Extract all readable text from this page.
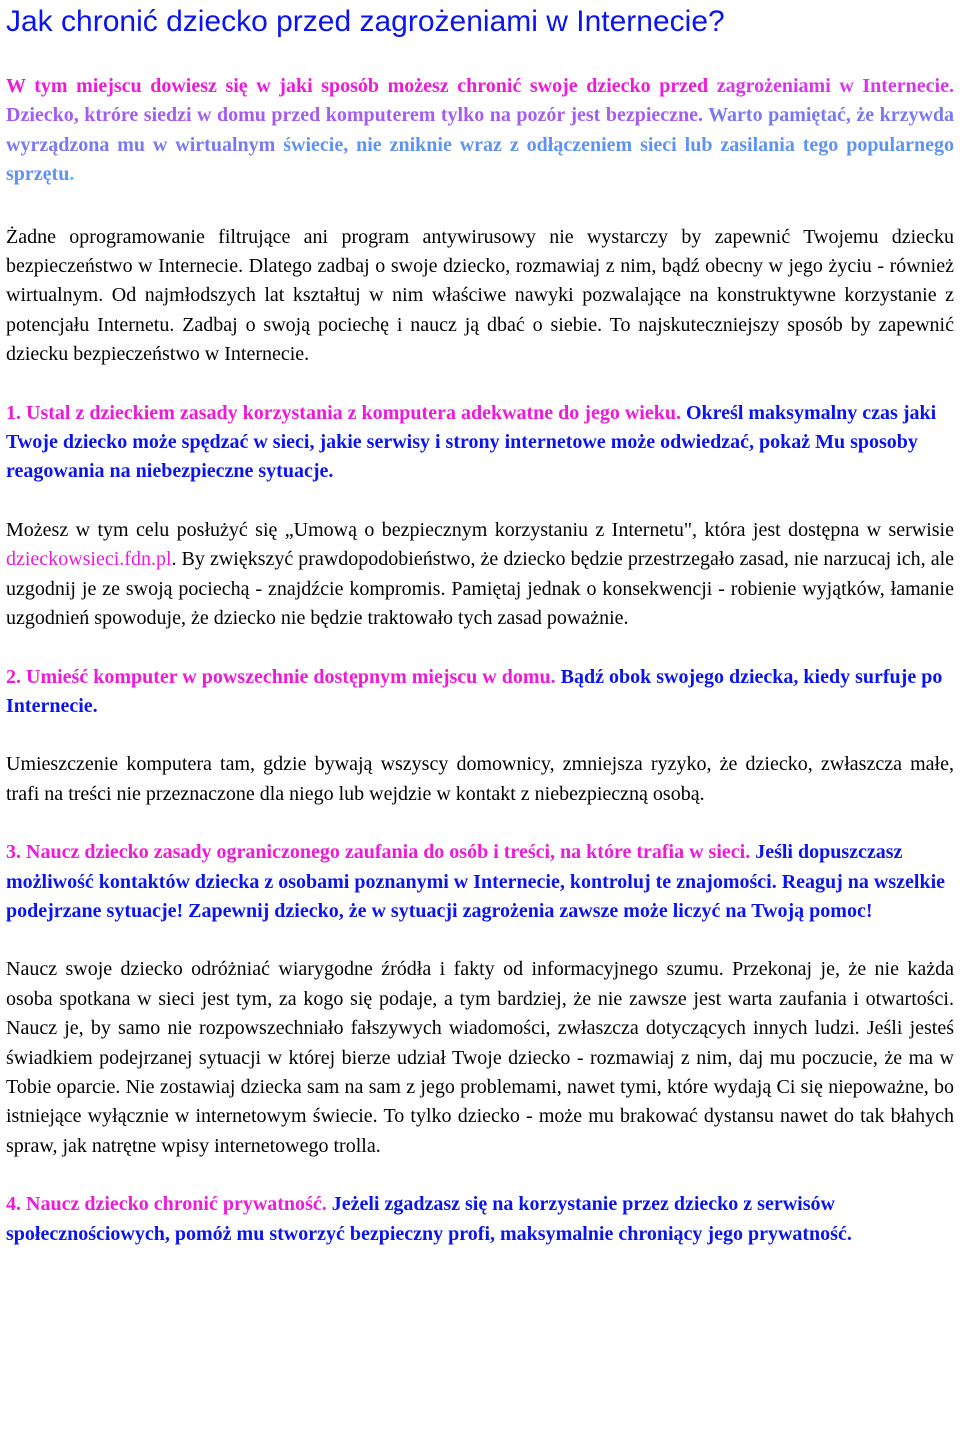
Jak chronić dziecko przed zagrożeniami w Internecie?

W tym miejscu dowiesz się w jaki sposób możesz chronić swoje dziecko przed zagrożeniami w Internecie. Dziecko, ktróre siedzi w domu przed komputerem tylko na pozór jest bezpieczne. Warto pamiętać, że krzywda wyrządzona mu w wirtualnym świecie, nie zniknie wraz z odłączeniem sieci lub zasilania tego popularnego sprzętu.

Żadne oprogramowanie filtrujące ani program antywirusowy nie wystarczy by zapewnić Twojemu dziecku bezpieczeństwo w Internecie. Dlatego zadbaj o swoje dziecko, rozmawiaj z nim, bądź obecny w jego życiu - również wirtualnym. Od najmłodszych lat kształtuj w nim właściwe nawyki pozwalające na konstruktywne korzystanie z potencjału Internetu. Zadbaj o swoją pociechę i naucz ją dbać o siebie. To najskuteczniejszy sposób by zapewnić dziecku bezpieczeństwo w Internecie.

1. Ustal z dzieckiem zasady korzystania z komputera adekwatne do jego wieku. Określ maksymalny czas jaki Twoje dziecko może spędzać w sieci, jakie serwisy i strony internetowe może odwiedzać, pokaż Mu sposoby reagowania na niebezpieczne sytuacje.

Możesz w tym celu posłużyć się „Umową o bezpiecznym korzystaniu z Internetu", która jest dostępna w serwisie dzieckowsieci.fdn.pl. By zwiększyć prawdopodobieństwo, że dziecko będzie przestrzegało zasad, nie narzucaj ich, ale uzgodnij je ze swoją pociechą - znajdźcie kompromis. Pamiętaj jednak o konsekwencji - robienie wyjątków, łamanie uzgodnień spowoduje, że dziecko nie będzie traktowało tych zasad poważnie.

2. Umieść komputer w powszechnie dostępnym miejscu w domu. Bądź obok swojego dziecka, kiedy surfuje po Internecie.

Umieszczenie komputera tam, gdzie bywają wszyscy domownicy, zmniejsza ryzyko, że dziecko, zwłaszcza małe, trafi na treści nie przeznaczone dla niego lub wejdzie w kontakt z niebezpieczną osobą.

3. Naucz dziecko zasady ograniczonego zaufania do osób i treści, na które trafia w sieci. Jeśli dopuszczasz możliwość kontaktów dziecka z osobami poznanymi w Internecie, kontroluj te znajomości. Reaguj na wszelkie podejrzane sytuacje! Zapewnij dziecko, że w sytuacji zagrożenia zawsze może liczyć na Twoją pomoc!

Naucz swoje dziecko odróżniać wiarygodne źródła i fakty od informacyjnego szumu. Przekonaj je, że nie każda osoba spotkana w sieci jest tym, za kogo się podaje, a tym bardziej, że nie zawsze jest warta zaufania i otwartości. Naucz je, by samo nie rozpowszechniało fałszywych wiadomości, zwłaszcza dotyczących innych ludzi. Jeśli jesteś świadkiem podejrzanej sytuacji w której bierze udział Twoje dziecko - rozmawiaj z nim, daj mu poczucie, że ma w Tobie oparcie. Nie zostawiaj dziecka sam na sam z jego problemami, nawet tymi, które wydają Ci się niepoważne, bo istniejące wyłącznie w internetowym świecie. To tylko dziecko - może mu brakować dystansu nawet do tak błahych spraw, jak natrętne wpisy internetowego trolla.

4. Naucz dziecko chronić prywatność. Jeżeli zgadzasz się na korzystanie przez dziecko z serwisów społecznościowych, pomóż mu stworzyć bezpieczny profi, maksymalnie chroniący jego prywatność.
